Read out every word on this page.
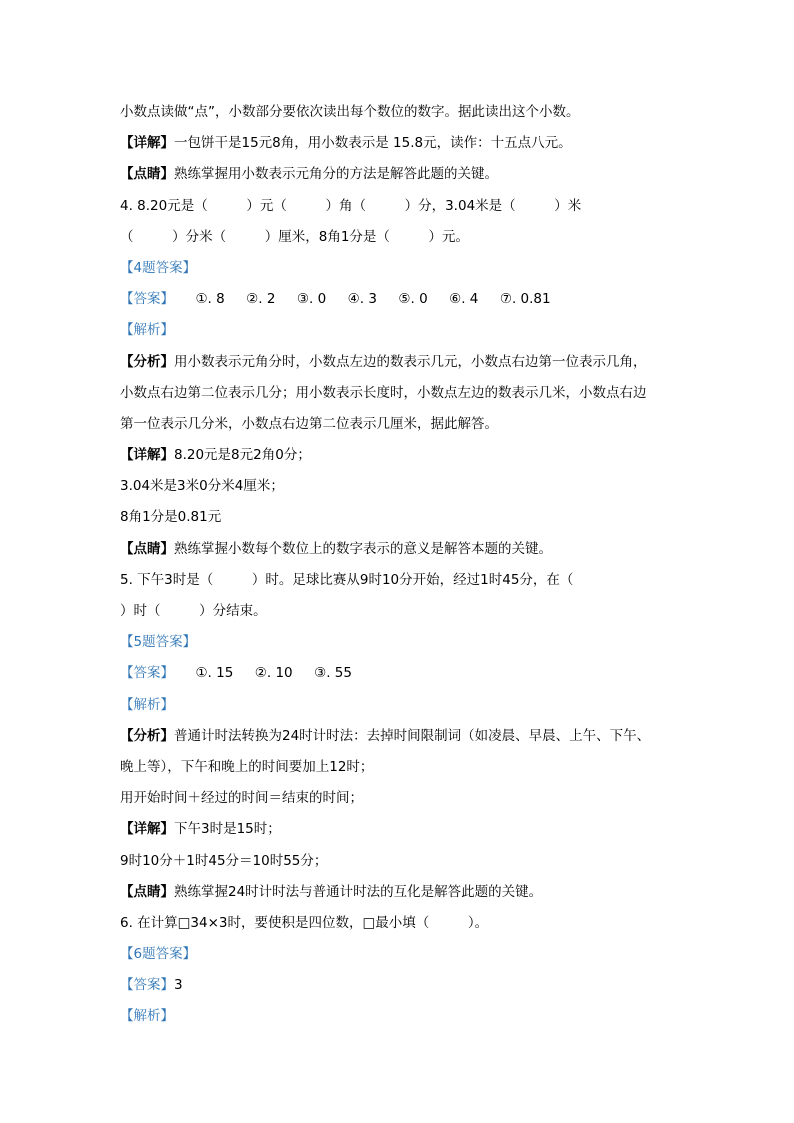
小数点读做“点”，小数部分要依次读出每个数位的数字。据此读出这个小数。
【详解】一包饼干是15元8角，用小数表示是 15.8元，读作：十五点八元。
【点睛】熟练掌握用小数表示元角分的方法是解答此题的关键。
4. 8.20元是（         ）元（         ）角（         ）分，3.04米是（         ）米
（         ）分米（         ）厘米，8角1分是（         ）元。
【4题答案】
【答案】     ①. 8     ②. 2     ③. 0     ④. 3     ⑤. 0     ⑥. 4     ⑦. 0.81
【解析】
【分析】用小数表示元角分时，小数点左边的数表示几元，小数点右边第一位表示几角，
小数点右边第二位表示几分；用小数表示长度时，小数点左边的数表示几米，小数点右边
第一位表示几分米，小数点右边第二位表示几厘米，据此解答。
【详解】8.20元是8元2角0分；
3.04米是3米0分米4厘米；
8角1分是0.81元
【点睛】熟练掌握小数每个数位上的数字表示的意义是解答本题的关键。
5. 下午3时是（         ）时。足球比赛从9时10分开始，经过1时45分，在（
）时（         ）分结束。
【5题答案】
【答案】     ①. 15     ②. 10     ③. 55
【解析】
【分析】普通计时法转换为24时计时法：去掉时间限制词（如凌晨、早晨、上午、下午、
晚上等），下午和晚上的时间要加上12时；
用开始时间＋经过的时间＝结束的时间；
【详解】下午3时是15时；
9时10分＋1时45分＝10时55分；
【点睛】熟练掌握24时计时法与普通计时法的互化是解答此题的关键。
6. 在计算□34×3时，要使积是四位数，□最小填（         ）。
【6题答案】
【答案】3
【解析】
